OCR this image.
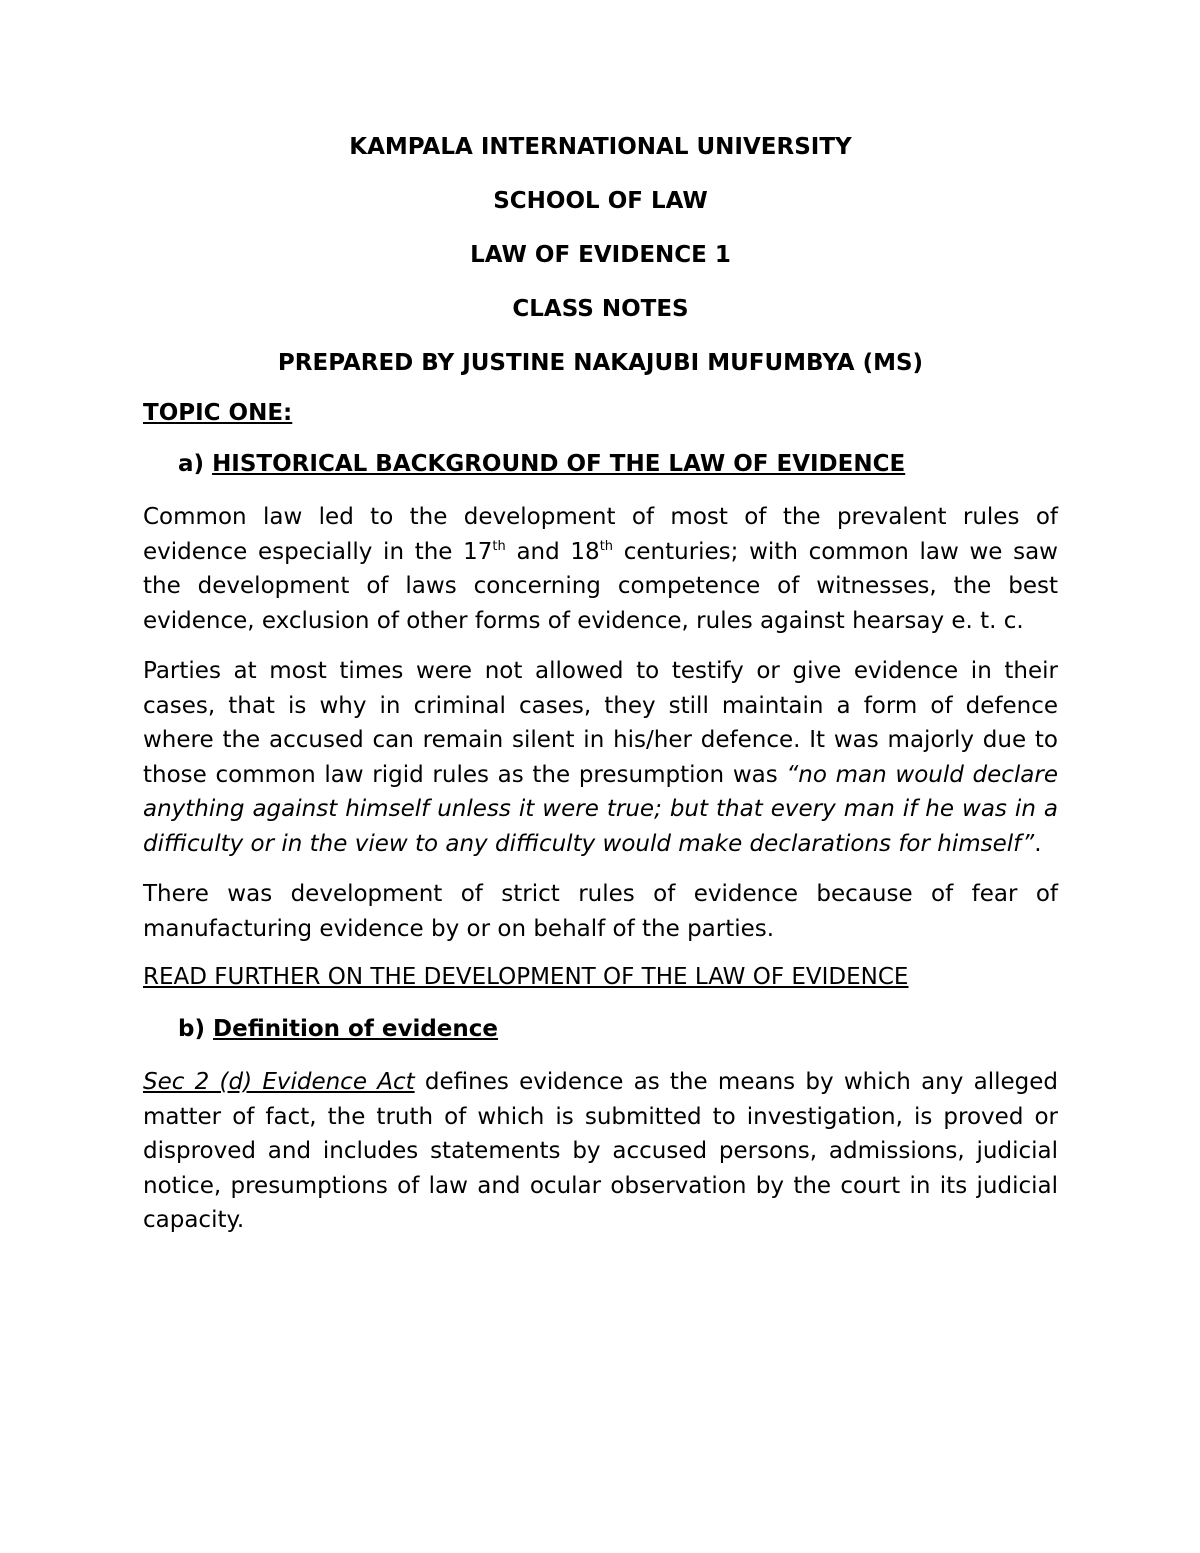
KAMPALA INTERNATIONAL UNIVERSITY
SCHOOL OF LAW
LAW OF EVIDENCE 1
CLASS NOTES
PREPARED BY JUSTINE NAKAJUBI MUFUMBYA (MS)
TOPIC ONE:
a) HISTORICAL BACKGROUND OF THE LAW OF EVIDENCE

Common law led to the development of most of the prevalent rules of evidence especially in the 17th and 18th centuries; with common law we saw the development of laws concerning competence of witnesses, the best evidence, exclusion of other forms of evidence, rules against hearsay e. t. c.

Parties at most times were not allowed to testify or give evidence in their cases, that is why in criminal cases, they still maintain a form of defence where the accused can remain silent in his/her defence. It was majorly due to those common law rigid rules as the presumption was “no man would declare anything against himself unless it were true; but that every man if he was in a difficulty or in the view to any difficulty would make declarations for himself”.

There was development of strict rules of evidence because of fear of manufacturing evidence by or on behalf of the parties.

READ FURTHER ON THE DEVELOPMENT OF THE LAW OF EVIDENCE
b) Definition of evidence

Sec 2 (d) Evidence Act defines evidence as the means by which any alleged matter of fact, the truth of which is submitted to investigation, is proved or disproved and includes statements by accused persons, admissions, judicial notice, presumptions of law and ocular observation by the court in its judicial capacity.
